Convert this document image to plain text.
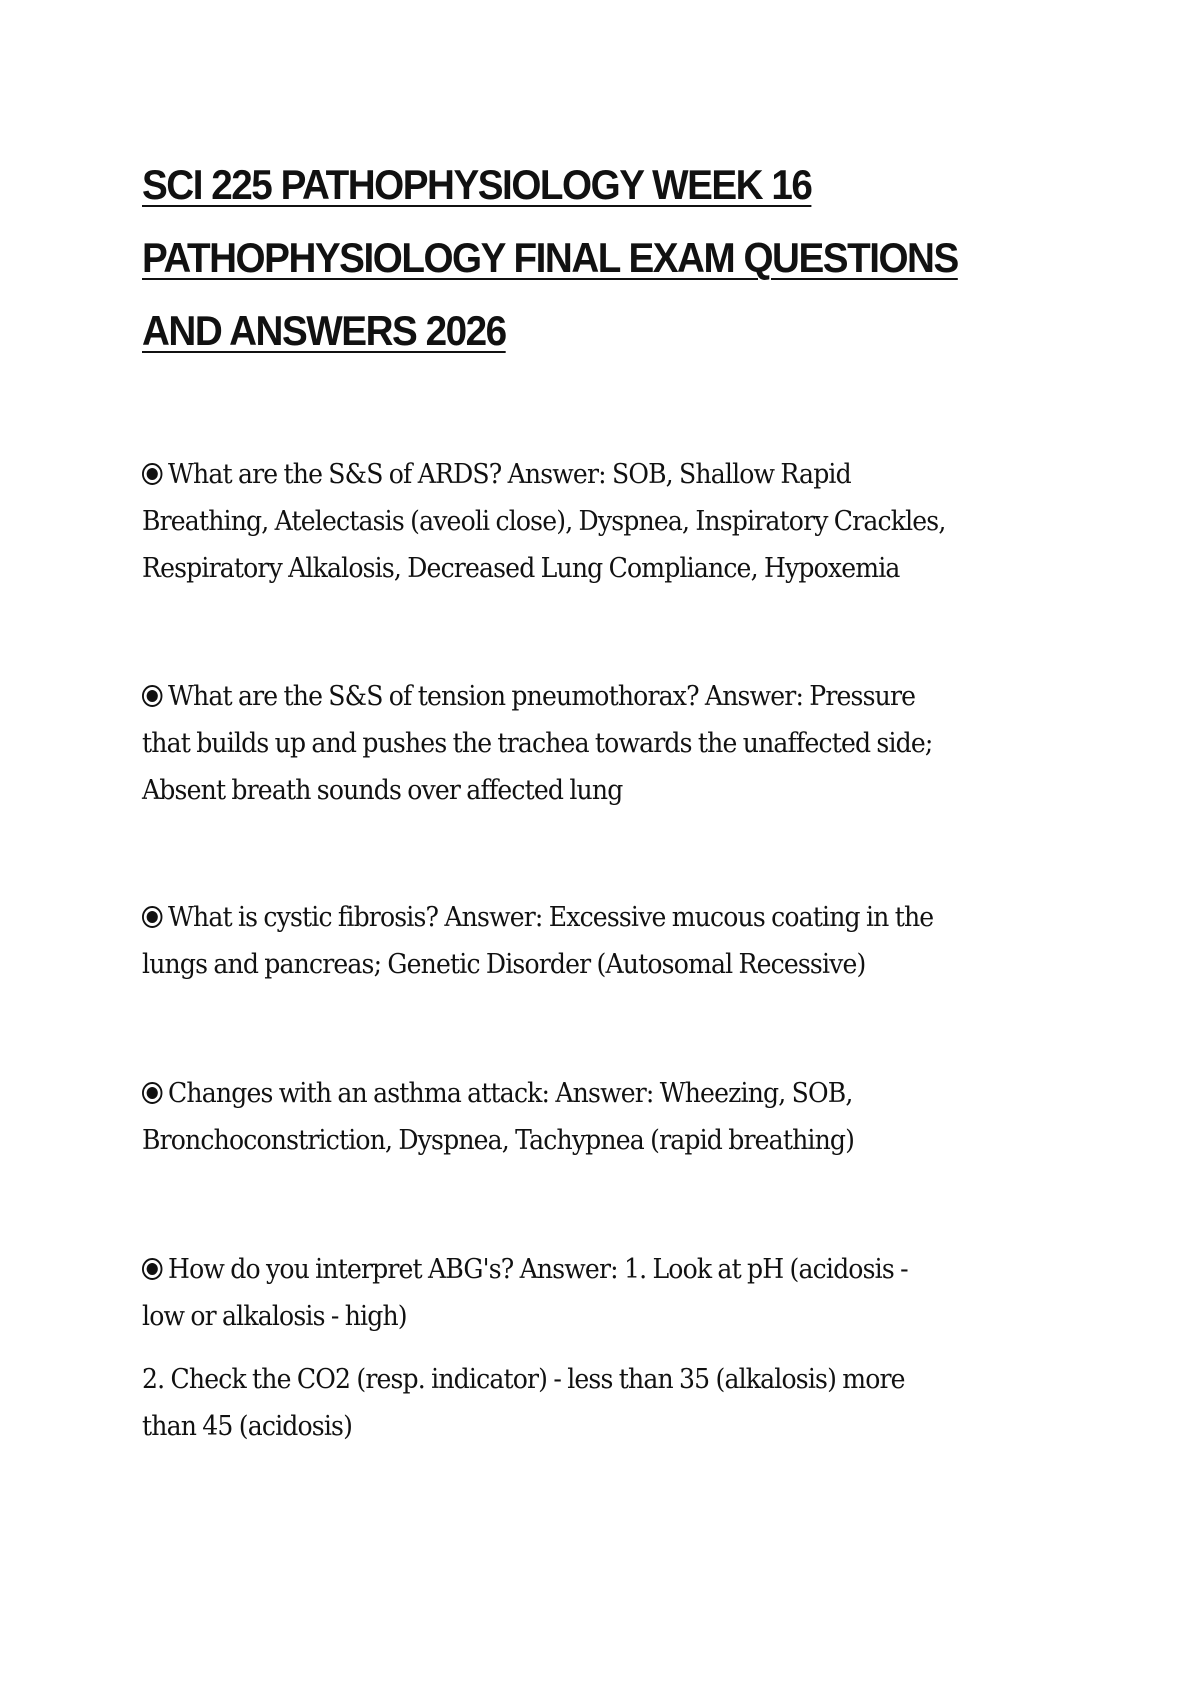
SCI 225 PATHOPHYSIOLOGY WEEK 16
PATHOPHYSIOLOGY FINAL EXAM QUESTIONS
AND ANSWERS 2026

What are the S&S of ARDS? Answer: SOB, Shallow Rapid
Breathing, Atelectasis (aveoli close), Dyspnea, Inspiratory Crackles,
Respiratory Alkalosis, Decreased Lung Compliance, Hypoxemia

What are the S&S of tension pneumothorax? Answer: Pressure
that builds up and pushes the trachea towards the unaffected side;
Absent breath sounds over affected lung

What is cystic fibrosis? Answer: Excessive mucous coating in the
lungs and pancreas; Genetic Disorder (Autosomal Recessive)

Changes with an asthma attack: Answer: Wheezing, SOB,
Bronchoconstriction, Dyspnea, Tachypnea (rapid breathing)

How do you interpret ABG's? Answer: 1. Look at pH (acidosis -
low or alkalosis - high)

2. Check the CO2 (resp. indicator) - less than 35 (alkalosis) more
than 45 (acidosis)
